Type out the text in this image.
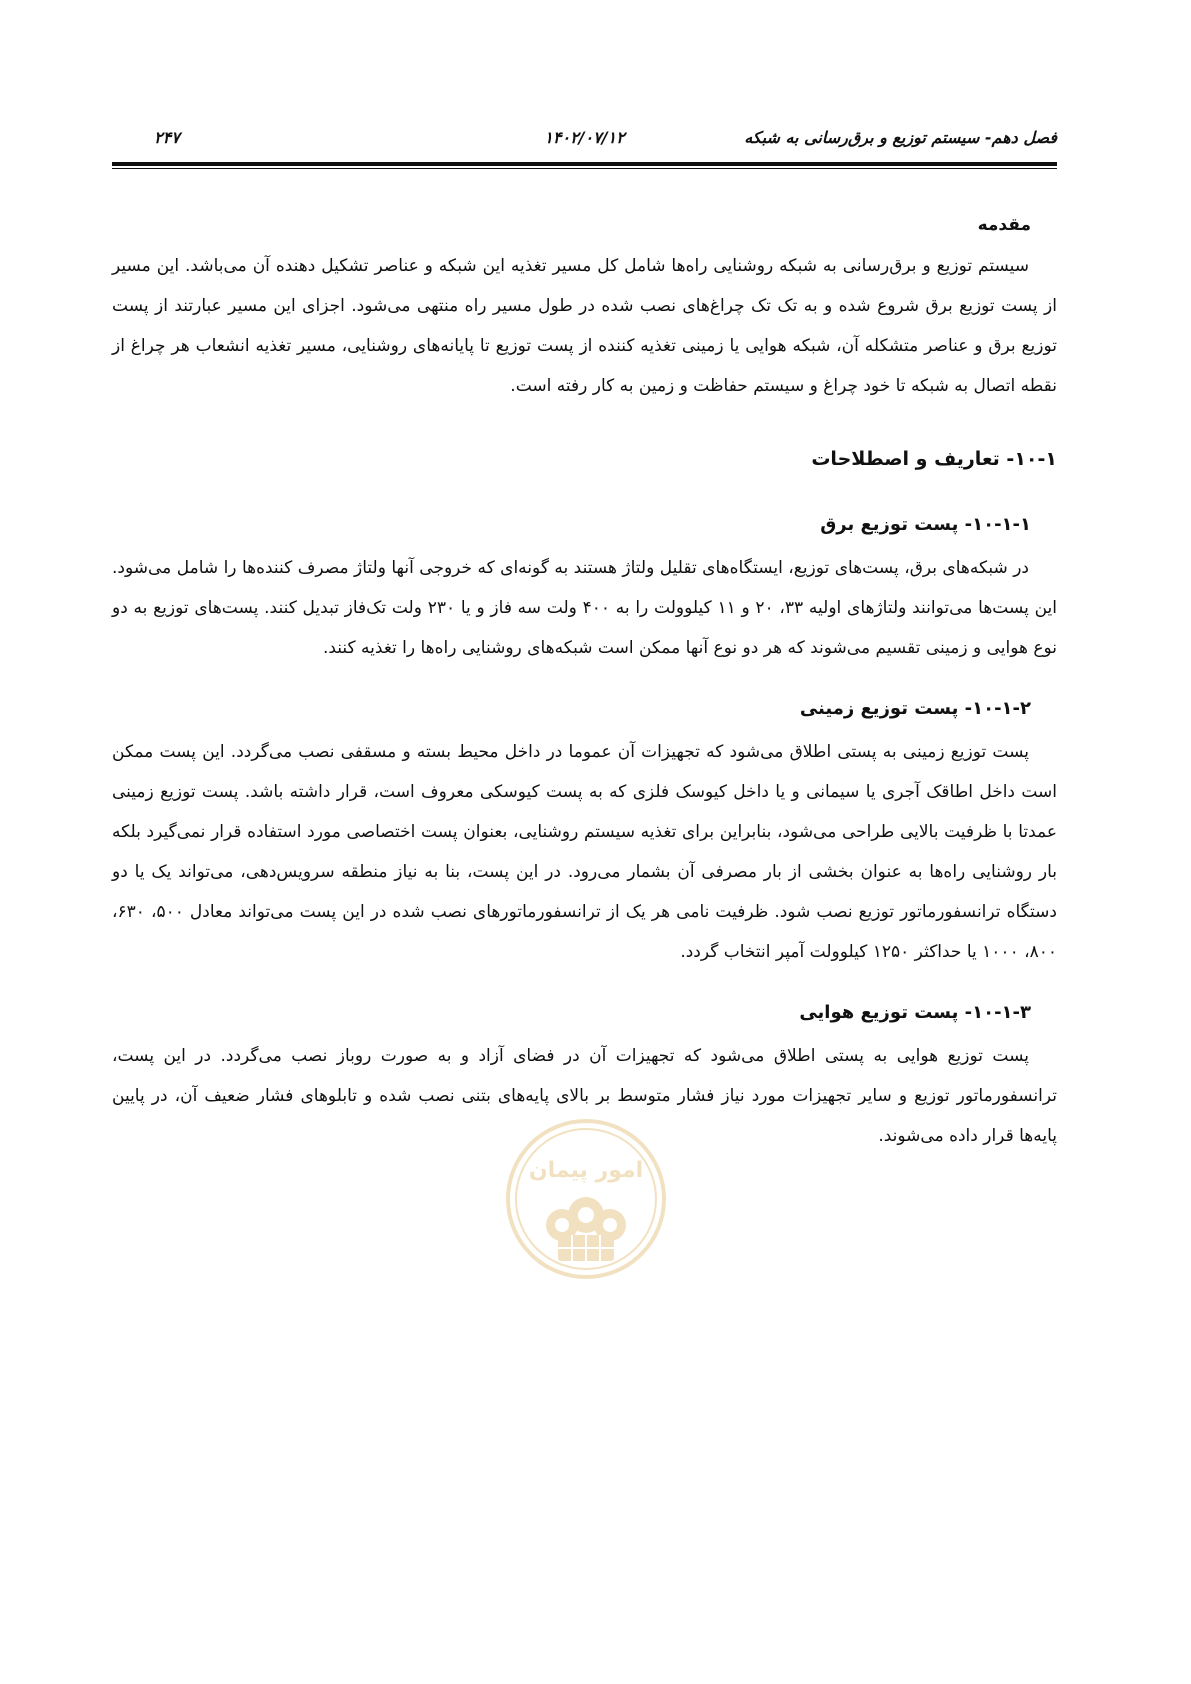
فصل دهم- سیستم توزیع و برق‌رسانی به شبکه
۱۴۰۲/۰۷/۱۲
۲۴۷
مقدمه

سیستم توزیع و برق‌رسانی به شبکه روشنایی راه‌ها شامل کل مسیر تغذیه این شبکه و عناصر تشکیل دهنده آن می‌باشد. این مسیر از پست توزیع برق شروع شده و به تک تک چراغ‌های نصب شده در طول مسیر راه منتهی می‌شود. اجزای این مسیر عبارتند از پست توزیع برق و عناصر متشکله آن، شبکه هوایی یا زمینی تغذیه کننده از پست توزیع تا پایانه‌های روشنایی، مسیر تغذیه انشعاب هر چراغ از نقطه اتصال به شبکه تا خود چراغ و سیستم حفاظت و زمین به کار رفته است.

۱۰-۱- تعاریف و اصطلاحات
۱۰-۱-۱- پست توزیع برق

در شبکه‌های برق، پست‌های توزیع، ایستگاه‌های تقلیل ولتاژ هستند به گونه‌ای که خروجی آنها ولتاژ مصرف کننده‌ها را شامل می‌شود. این پست‌ها می‌توانند ولتاژهای اولیه ۳۳، ۲۰ و ۱۱ کیلوولت را به ۴۰۰ ولت سه فاز و یا ۲۳۰ ولت تک‌فاز تبدیل کنند. پست‌های توزیع به دو نوع هوایی و زمینی تقسیم می‌شوند که هر دو نوع آنها ممکن است شبکه‌های روشنایی راه‌ها را تغذیه کنند.

۱۰-۱-۲- پست توزیع زمینی

پست توزیع زمینی به پستی اطلاق می‌شود که تجهیزات آن عموما در داخل محیط بسته و مسقفی نصب می‌گردد. این پست ممکن است داخل اطاقک آجری یا سیمانی و یا داخل کیوسک فلزی که به پست کیوسکی معروف است، قرار داشته باشد. پست توزیع زمینی عمدتا با ظرفیت بالایی طراحی می‌شود، بنابراین برای تغذیه سیستم روشنایی، بعنوان پست اختصاصی مورد استفاده قرار نمی‌گیرد بلکه بار روشنایی راه‌ها به عنوان بخشی از بار مصرفی آن بشمار می‌رود. در این پست، بنا به نیاز منطقه سرویس‌دهی، می‌تواند یک یا دو دستگاه ترانسفورماتور توزیع نصب شود. ظرفیت نامی هر یک از ترانسفورماتورهای نصب شده در این پست می‌تواند معادل ۵۰۰، ۶۳۰، ۸۰۰، ۱۰۰۰ یا حداکثر ۱۲۵۰ کیلوولت آمپر انتخاب گردد.

۱۰-۱-۳- پست توزیع هوایی

پست توزیع هوایی به پستی اطلاق می‌شود که تجهیزات آن در فضای آزاد و به صورت روباز نصب می‌گردد. در این پست، ترانسفورماتور توزیع و سایر تجهیزات مورد نیاز فشار متوسط بر بالای پایه‌های بتنی نصب شده و تابلوهای فشار ضعیف آن، در پایین پایه‌ها قرار داده می‌شوند.

امور پیمان
